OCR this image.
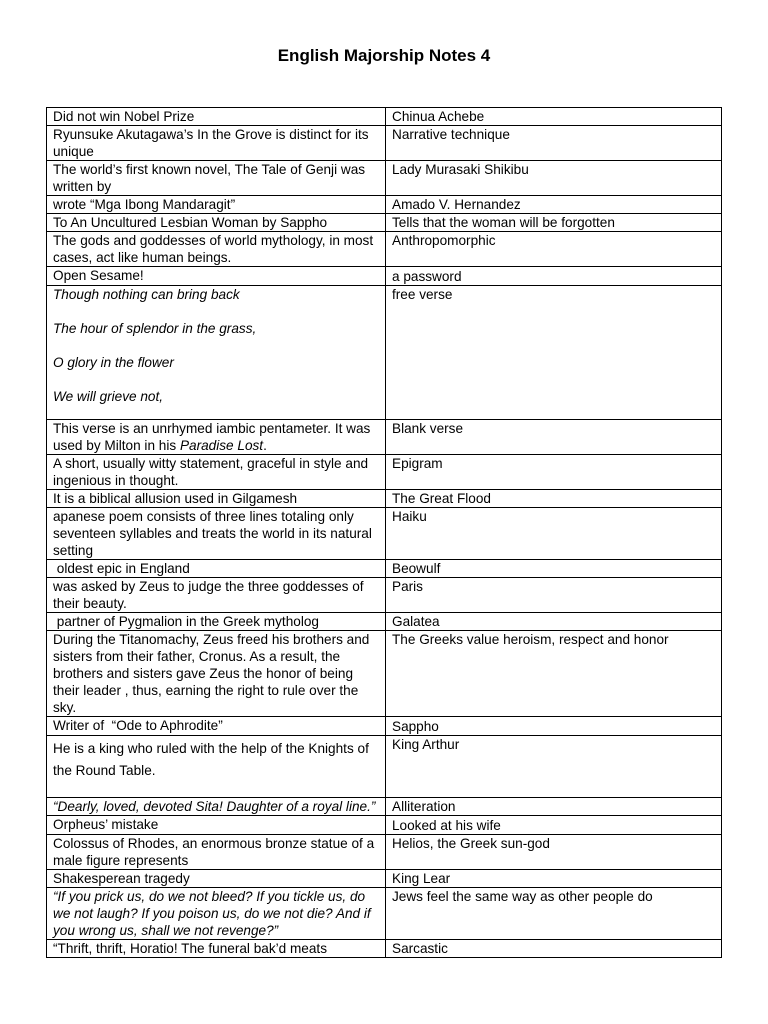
English Majorship Notes 4
Did not win Nobel Prize	Chinua Achebe
Ryunsuke Akutagawa’s In the Grove is distinct for its unique	Narrative technique
The world’s first known novel, The Tale of Genji was written by	Lady Murasaki Shikibu
wrote “Mga Ibong Mandaragit”	Amado V. Hernandez
To An Uncultured Lesbian Woman by Sappho	Tells that the woman will be forgotten
The gods and goddesses of world mythology, in most cases, act like human beings.	Anthropomorphic
Open Sesame!	a password
Though nothing can bring back
The hour of splendor in the grass,
O glory in the flower
We will grieve not,	free verse
This verse is an unrhymed iambic pentameter. It was used by Milton in his Paradise Lost.	Blank verse
A short, usually witty statement, graceful in style and ingenious in thought.	Epigram
It is a biblical allusion used in Gilgamesh	The Great Flood
apanese poem consists of three lines totaling only seventeen syllables and treats the world in its natural setting	Haiku
oldest epic in England	Beowulf
was asked by Zeus to judge the three goddesses of their beauty.	Paris
partner of Pygmalion in the Greek mytholog	Galatea
During the Titanomachy, Zeus freed his brothers and sisters from their father, Cronus. As a result, the brothers and sisters gave Zeus the honor of being their leader , thus, earning the right to rule over the sky.	The Greeks value heroism, respect and honor
Writer of  “Ode to Aphrodite”	Sappho
He is a king who ruled with the help of the Knights of the Round Table.	King Arthur
“Dearly, loved, devoted Sita! Daughter of a royal line.”	Alliteration
Orpheus’ mistake	Looked at his wife
Colossus of Rhodes, an enormous bronze statue of a male figure represents	Helios, the Greek sun-god
Shakesperean tragedy	King Lear
“If you prick us, do we not bleed? If you tickle us, do we not laugh? If you poison us, do we not die? And if you wrong us, shall we not revenge?”	Jews feel the same way as other people do
“Thrift, thrift, Horatio! The funeral bak’d meats	Sarcastic
